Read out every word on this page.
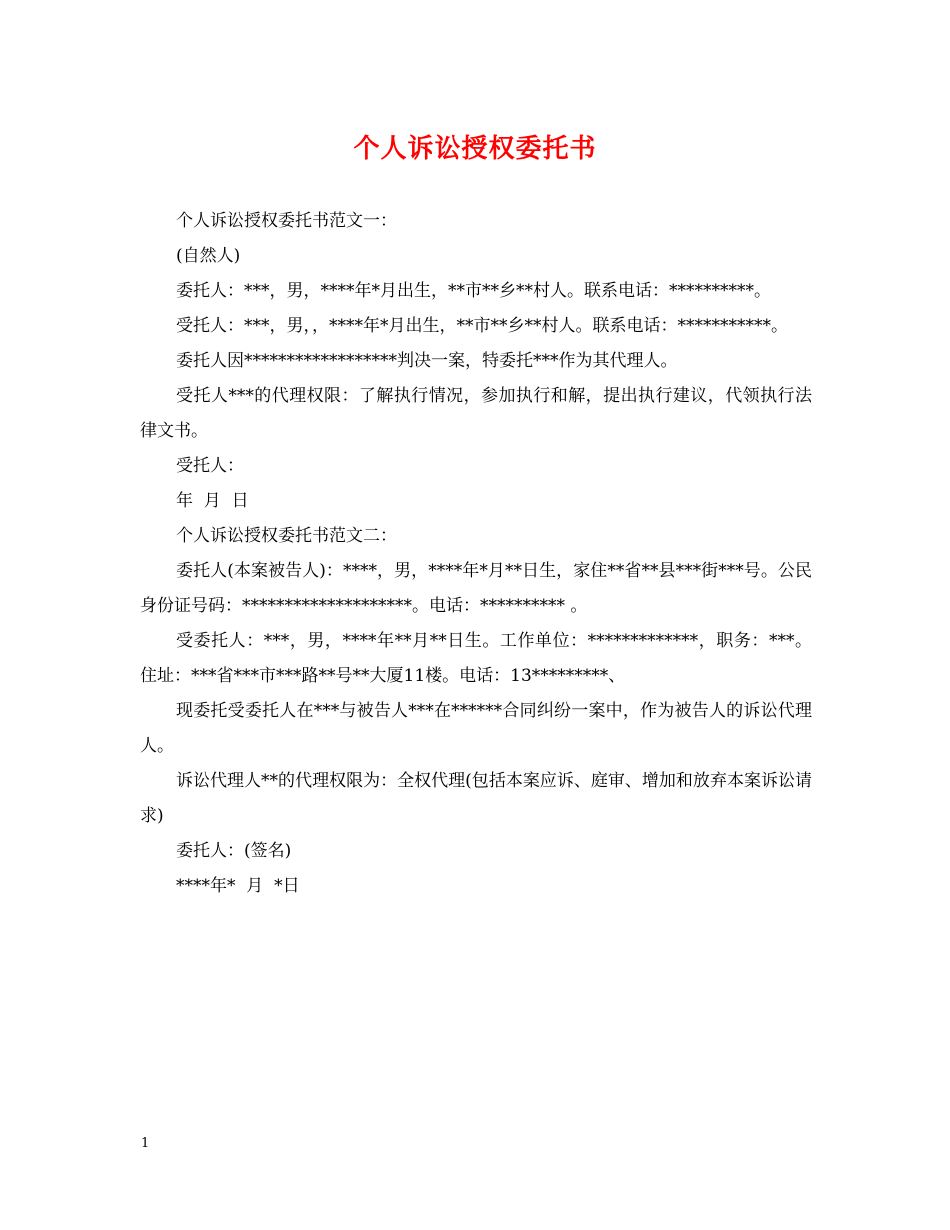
个人诉讼授权委托书

个人诉讼授权委托书范文一：

(自然人)

委托人：***，男，****年*月出生，**市**乡**村人。联系电话：**********。

受托人：***，男，，****年*月出生，**市**乡**村人。联系电话：***********。

委托人因******************判决一案，特委托***作为其代理人。

受托人***的代理权限：了解执行情况，参加执行和解，提出执行建议，代领执行法律文书。

受托人：

年  月  日

个人诉讼授权委托书范文二：

委托人(本案被告人)：****，男，****年*月**日生，家住**省**县***街***号。公民身份证号码：********************。电话：********** 。

受委托人：***，男，****年**月**日生。工作单位：*************，职务：***。住址：***省***市***路**号**大厦11楼。电话：13*********、

现委托受委托人在***与被告人***在******合同纠纷一案中，作为被告人的诉讼代理人。

诉讼代理人**的代理权限为：全权代理(包括本案应诉、庭审、增加和放弃本案诉讼请求)

委托人：(签名)

****年*  月  *日

1
